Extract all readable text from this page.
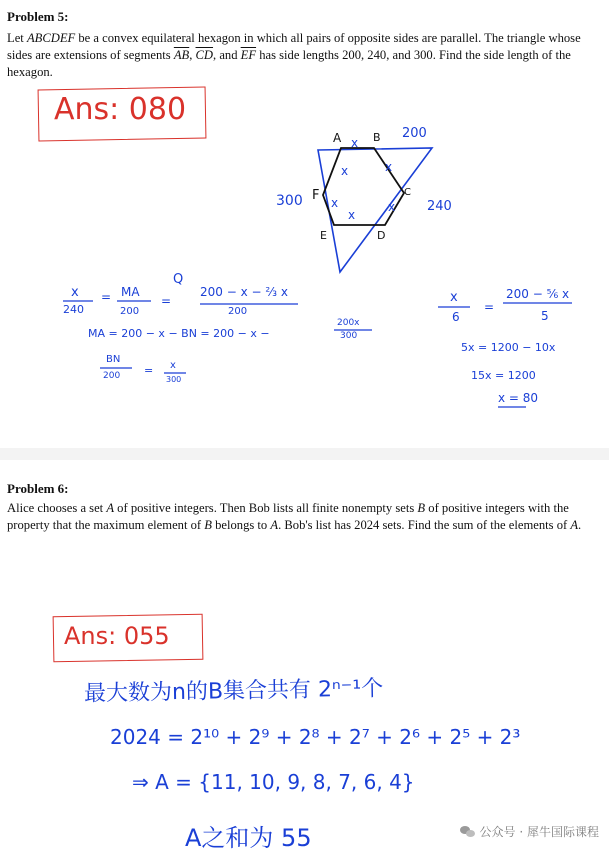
Problem 5:
Let ABCDEF be a convex equilateral hexagon in which all pairs of opposite sides are parallel. The triangle whose sides are extensions of segments $\overline{AB}$, $\overline{CD}$, and $\overline{EF}$ has side lengths 200, 240, and 300. Find the side length of the hexagon.
Ans: 080
A	B
C
D
E
F
200
300	240
x
x
x
x
x
x
x
240
= MA
200
=
200 − x − ⅔ x
200
Q
MA = 200 − x − BN = 200 − x −
200x
300
BN
200 = x
300
x
6
=
200 − ⅚ x
5
5x = 1200 − 10x
15x = 1200
x = 80
Problem 6:
Alice chooses a set A of positive integers. Then Bob lists all finite nonempty sets B of positive integers with the property that the maximum element of B belongs to A. Bob's list has 2024 sets. Find the sum of the elements of A.
Ans: 055
最大数为n的B集合共有 2ⁿ⁻¹个
2024 = 2¹⁰ + 2⁹ + 2⁸ + 2⁷ + 2⁶ + 2⁵ + 2³
⇒ A = {11, 10, 9, 8, 7, 6, 4}
A之和为 55	公众号 · 犀牛国际课程
